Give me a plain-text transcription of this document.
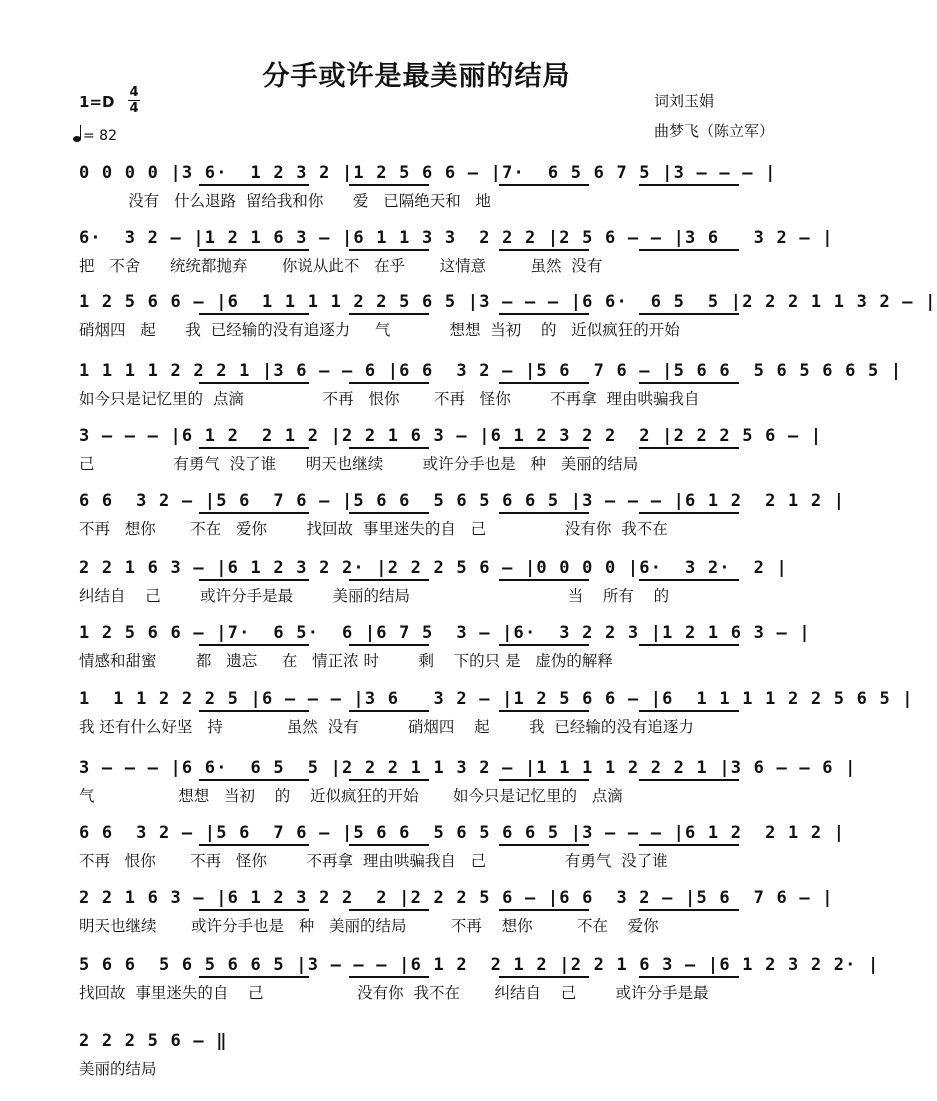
分手或许是最美丽的结局
1=D
4
4
= 82
词刘玉娟
曲梦飞（陈立军）
0 0 0 0 |3 6·  1 2 3 2 |1 2 5 6 6 — |7·  6 5 6 7 5 |3 — — — |
没有   什么退路  留给我和你      爱   已隔绝天和   地
6·  3 2 — |1 2 1 6 3 — |6 1 1 3 3  2 2 2 |2 5 6 — — |3 6   3 2 — |
把   不舍      统统都抛弃       你说从此不   在乎       这情意         虽然  没有
1 2 5 6 6 — |6  1 1 1 1 2 2 5 6 5 |3 — — — |6 6·  6 5  5 |2 2 2 1 1 3 2 — |
硝烟四   起      我  已经输的没有追逐力     气            想想  当初    的   近似疯狂的开始
1 1 1 1 2 2 2 1 |3 6 — — 6 |6 6  3 2 — |5 6  7 6 — |5 6 6  5 6 5 6 6 5 |
如今只是记忆里的  点滴                不再   恨你       不再   怪你        不再拿  理由哄骗我自
3 — — — |6 1 2  2 1 2 |2 2 1 6 3 — |6 1 2 3 2 2  2 |2 2 2 5 6 — |
己                有勇气  没了谁      明天也继续        或许分手也是   种   美丽的结局
6 6  3 2 — |5 6  7 6 — |5 6 6  5 6 5 6 6 5 |3 — — — |6 1 2  2 1 2 |
不再   想你       不在   爱你        找回故  事里迷失的自   己                没有你  我不在
2 2 1 6 3 — |6 1 2 3 2 2· |2 2 2 5 6 — |0 0 0 0 |6·  3 2·  2 |
纠结自    己        或许分手是最        美丽的结局                                当    所有    的
1 2 5 6 6 — |7·  6 5·  6 |6 7 5  3 — |6·  3 2 2 3 |1 2 1 6 3 — |
情感和甜蜜        都   遗忘     在   情正浓 时        剩    下的只 是   虚伪的解释
1  1 1 2 2 2 5 |6 — — — |3 6   3 2 — |1 2 5 6 6 — |6  1 1 1 1 2 2 5 6 5 |
我 还有什么好坚   持             虽然  没有          硝烟四    起        我  已经输的没有追逐力
3 — — — |6 6·  6 5  5 |2 2 2 1 1 3 2 — |1 1 1 1 2 2 2 1 |3 6 — — 6 |
气                 想想   当初    的    近似疯狂的开始       如今只是记忆里的   点滴
6 6  3 2 — |5 6  7 6 — |5 6 6  5 6 5 6 6 5 |3 — — — |6 1 2  2 1 2 |
不再   恨你       不再   怪你        不再拿  理由哄骗我自   己                有勇气  没了谁
2 2 1 6 3 — |6 1 2 3 2 2  2 |2 2 2 5 6 — |6 6  3 2 — |5 6  7 6 — |
明天也继续       或许分手也是   种   美丽的结局         不再    想你         不在    爱你
5 6 6  5 6 5 6 6 5 |3 — — — |6 1 2  2 1 2 |2 2 1 6 3 — |6 1 2 3 2 2· |
找回故  事里迷失的自    己                   没有你  我不在       纠结自    己        或许分手是最
2 2 2 5 6 — ‖
美丽的结局
